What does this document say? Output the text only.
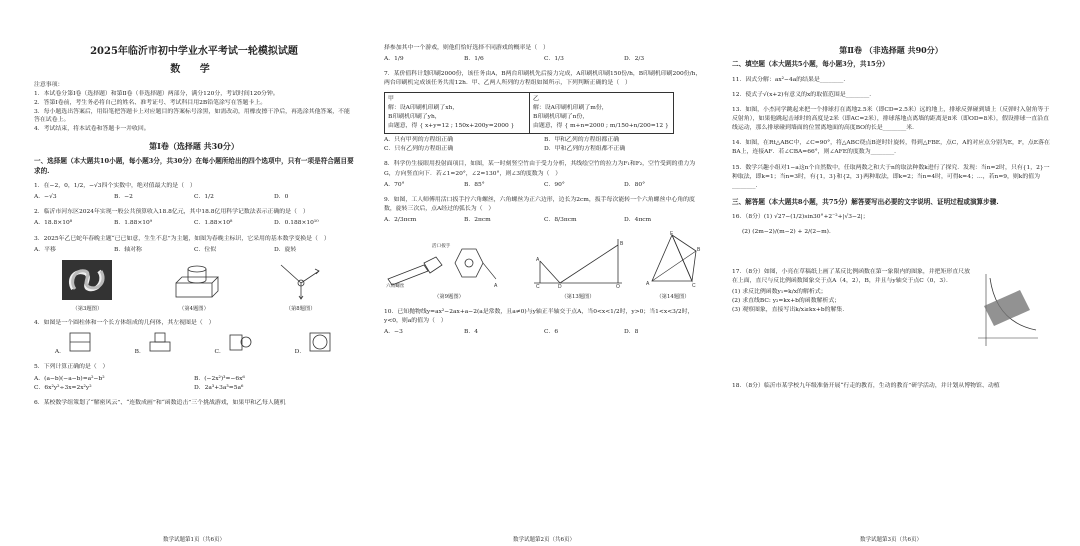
2025年临沂市初中学业水平考试一轮模拟试题
数 学

注意事项：

1．本试卷分第Ⅰ卷（选择题）和第Ⅱ卷（非选择题）两部分，满分120分，考试时间120分钟。

2．答第Ⅰ卷前，考生务必将自己的姓名、准考证号、考试科目用2B铅笔涂写在答题卡上。

3．每小题选出答案后，用铅笔把答题卡上对应题目的答案标号涂黑，如需改动，用橡皮擦干净后，再选涂其他答案，不能答在试卷上。

4．考试结束，将本试卷和答题卡一并收回。

第Ⅰ卷（选择题 共30分）
一、选择题（本大题共10小题，每小题3分，共30分）在每小题所给出的四个选项中，只有一项是符合题目要求的.
1．在−2，0，1/2，−√3四个实数中，绝对值最大的是（　）
A．−√3	B．−2	C．1/2	D．0
2．临沂市河东区2024年实现一般公共预算收入18.8亿元，其中18.8亿用科学记数法表示正确的是（　）
A．18.8×10⁸	B．1.88×10⁹	C．1.88×10⁸	D．0.188×10¹⁰
3．2025年乙巳蛇年春晚主题“已已如意，生生不息”为主题，如图为春晚主标识，它采用的基本数学变换是（　）
A．平移	B．轴对称	C．位似	D．旋转
（第3题图）	（第4题图）	（第8题图）
4．如图是一个圆柱体和一个长方体组成的几何体，其左视图是（　）
A．	B．	C．	D．
5．下列计算正确的是（　）
A．(a−b)(−a−b)=a²−b²	B．(−2x²)³=−6x⁶
C．6x²y²÷3x=2x²y²	D．2a³+3a³=5a⁶
6．某校数学组策划了“解密风云”、“连数成画”和“函数追击”三个挑战游戏，如果甲和乙每人随机
数学试题第1页（共6页）
择参加其中一个游戏，则他们恰好选择不同游戏的概率是（　）
A．1/9	B．1/6	C．1/3	D．2/3
7．某价值科计划印刷2000份，该任务由A，B两台印刷机先后接力完成，A印刷机印刷150份/h，B印刷机印刷200份/h，两台印刷机完成该任务共需12h．甲、乙两人所列的方程组如图所示，下列判断正确的是（　）

甲

解：设A印刷机印刷了xh，

B印刷机印刷了yh，

由题意，得 { x+y=12 ; 150x+200y=2000 }

乙

解：设A印刷机印刷了m份，

B印刷机印刷了n份，

由题意，得 { m+n=2000 ; m/150+n/200=12 }

A．只有甲列的方程组正确	B．甲和乙列的方程组都正确
C．只有乙列的方程组正确	D．甲和乙列的方程组都不正确
8．科学仿生接眼用投射面项目，如图，某一时刻竖空竹由于受力分析，其线绘空竹的拉力为F₁和F₂，空竹受到的重力为G，方向竖直向下．若∠1=20°，∠2=130°，则∠3的度数为（　）
A．70°	B．85°	C．90°	D．80°
9．如图，工人师傅用活口扳手拧六角螺丝，六角螺丝为正六边形，边长为2cm，扳手每次能转一个六角螺丝中心角的度数，旋转三次后，点A经过的弧长为（　）
A．2/3πcm	B．2πcm	C．8/3πcm	D．4πcm
A
六角螺丝
活口扳手
（第9题图）
A
C	D	O
B
（第13题图）
F
A	C
B
（第14题图）
10．已知抛物线y=ax²−2ax+a−2(a是常数，且a≠0)与y轴正半轴交于点A，当0<x<1/2时，y>0；当1<x<3/2时，y<0，则a的值为（　）
A．−3	B．4	C．6	D．8
数学试题第2页（共6页）
第Ⅱ卷 （非选择题 共90分）
二、填空题（本大题共5小题，每小题3分，共15分）
11．因式分解：ax²−4a的结果是________．
12．使式子√(x+2)有意义的x的取值范围是________．
13．如图，小杰同学跳起来把一个排球打在离地2.5米（即CD=2.5米）远的地上，排球反弹碰到墙上（反弹时入射角等于反射角），如果他跳起击球时的高度是2米（即AC=2米），排球落地点离墙的距离是8米（即OD=8米），假设排球一直沿直线运动，那么排球碰到墙面的位置离地面的高度BO的长是________米．
14．如图，在Rt△ABC中，∠C=90°，将△ABC绕点B逆时针旋转，得到△FBE，点C，A的对应点分别为E，F，点E落在BA上，连接AF．若∠CBA=66°，则∠AFE的度数为________．
15．数学兴趣小组对1−a这n个自然数中，任取两数之和大于n的取法种数k进行了探究．发现：当n=2时，只有{1，2}一种取法，即k=1；当n=3时，有{1，3}和{2，3}两种取法，即k=2；当n=4时，可得k=4；…，若n=9，则k的值为________．
三、解答题（本大题共8小题，共75分）解答要写出必要的文字说明、证明过程或演算步骤.
16．（8分）(1) √27−(1/2)sin30°+2⁻²+|√3−2|；
(2) (2m−2)/(m−2) + 2/(2−m)．
17．（8分）如图，小亮在草稿纸上画了某反比例函数在第一象限内的图象，并把矩形直尺放在上面，直尺与反比例函数图象交于点A（4，2），B，并且与y轴交于点C（0，3）．
(1) 求反比例函数y₁=k/x的解析式；
(2) 求直线BC: y₂=kx+b的函数解析式；
(3) 观察图象，直接写出k/x≥kx+b的解集．
18．（8分）临沂市某学校九年级准备开展“行走的教育，生动的教育”研学活动，并计划从博物馆、动植
数学试题第3页（共6页）
